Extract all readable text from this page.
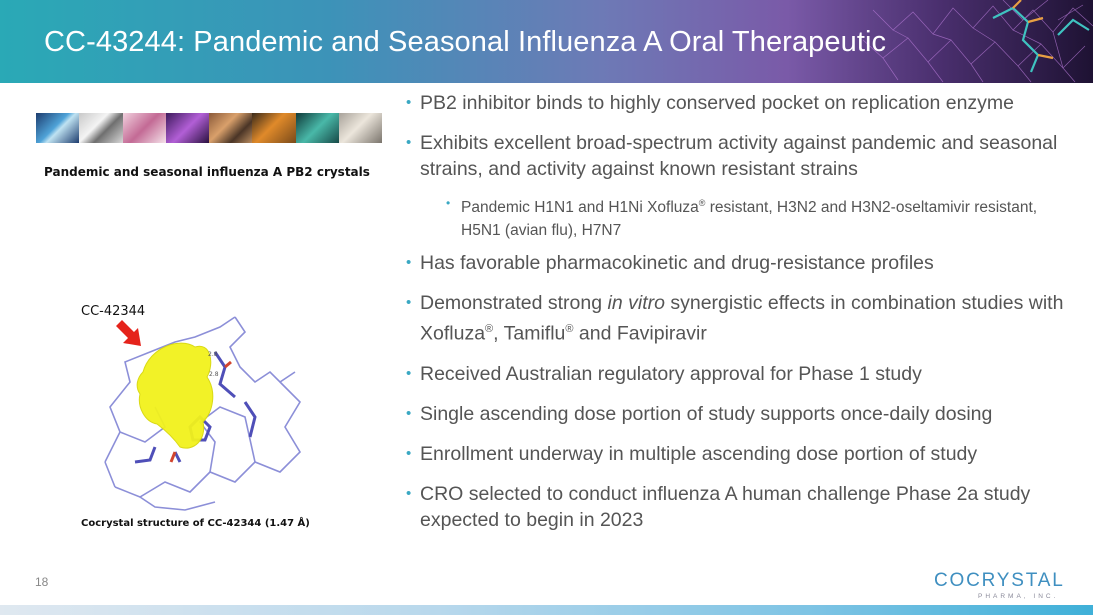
CC-43244: Pandemic and Seasonal Influenza A Oral Therapeutic
Pandemic and seasonal influenza A PB2 crystals
CC-42344
2.8
2.8
Cocrystal structure of CC-42344 (1.47 Å)
• PB2 inhibitor binds to highly conserved pocket on replication enzyme
• Exhibits excellent broad-spectrum activity against pandemic and seasonal strains, and activity against known resistant strains
• Pandemic H1N1 and H1Ni Xofluza® resistant, H3N2 and H3N2-oseltamivir resistant, H5N1 (avian flu), H7N7
• Has favorable pharmacokinetic and drug-resistance profiles
• Demonstrated strong in vitro synergistic effects in combination studies with Xofluza®, Tamiflu® and Favipiravir
• Received Australian regulatory approval for Phase 1 study
• Single ascending dose portion of study supports once-daily dosing
• Enrollment underway in multiple ascending dose portion of study
• CRO selected to conduct influenza A human challenge Phase 2a study expected to begin in 2023
18	COCRYSTAL
PHARMA, INC.
